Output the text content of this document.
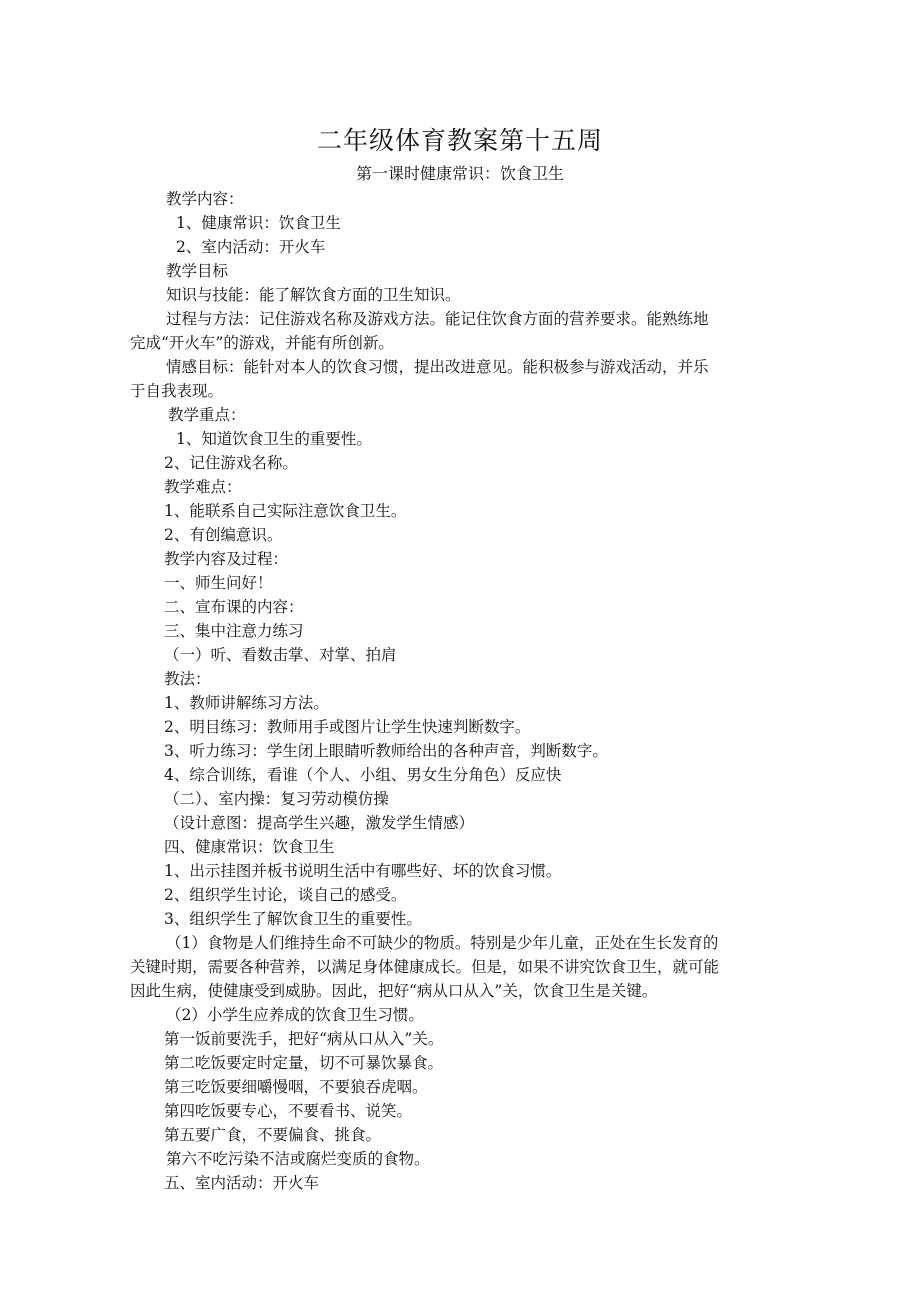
二年级体育教案第十五周
第一课时健康常识：饮食卫生
教学内容：
1、健康常识：饮食卫生
2、室内活动：开火车
教学目标
知识与技能：能了解饮食方面的卫生知识。
过程与方法：记住游戏名称及游戏方法。能记住饮食方面的营养要求。能熟练地
完成“开火车”的游戏，并能有所创新。
情感目标：能针对本人的饮食习惯，提出改进意见。能积极参与游戏活动，并乐
于自我表现。
教学重点：
1、知道饮食卫生的重要性。
2、记住游戏名称。
教学难点：
1、能联系自己实际注意饮食卫生。
2、有创编意识。
教学内容及过程：
一、师生问好！
二、宣布课的内容：
三、集中注意力练习
（一）听、看数击掌、对掌、拍肩
教法：
1、教师讲解练习方法。
2、明目练习：教师用手或图片让学生快速判断数字。
3、听力练习：学生闭上眼睛听教师给出的各种声音，判断数字。
4、综合训练，看谁（个人、小组、男女生分角色）反应快
（二）、室内操：复习劳动模仿操
（设计意图：提高学生兴趣，激发学生情感）
四、健康常识：饮食卫生
1、出示挂图并板书说明生活中有哪些好、坏的饮食习惯。
2、组织学生讨论，谈自己的感受。
3、组织学生了解饮食卫生的重要性。
（1）食物是人们维持生命不可缺少的物质。特别是少年儿童，正处在生长发育的
关键时期，需要各种营养，以满足身体健康成长。但是，如果不讲究饮食卫生，就可能
因此生病，使健康受到威胁。因此，把好“病从口从入”关，饮食卫生是关键。
（2）小学生应养成的饮食卫生习惯。
第一饭前要洗手，把好“病从口从入”关。
第二吃饭要定时定量，切不可暴饮暴食。
第三吃饭要细嚼慢咽，不要狼吞虎咽。
第四吃饭要专心，不要看书、说笑。
第五要广食，不要偏食、挑食。
第六不吃污染不洁或腐烂变质的食物。
五、室内活动：开火车
